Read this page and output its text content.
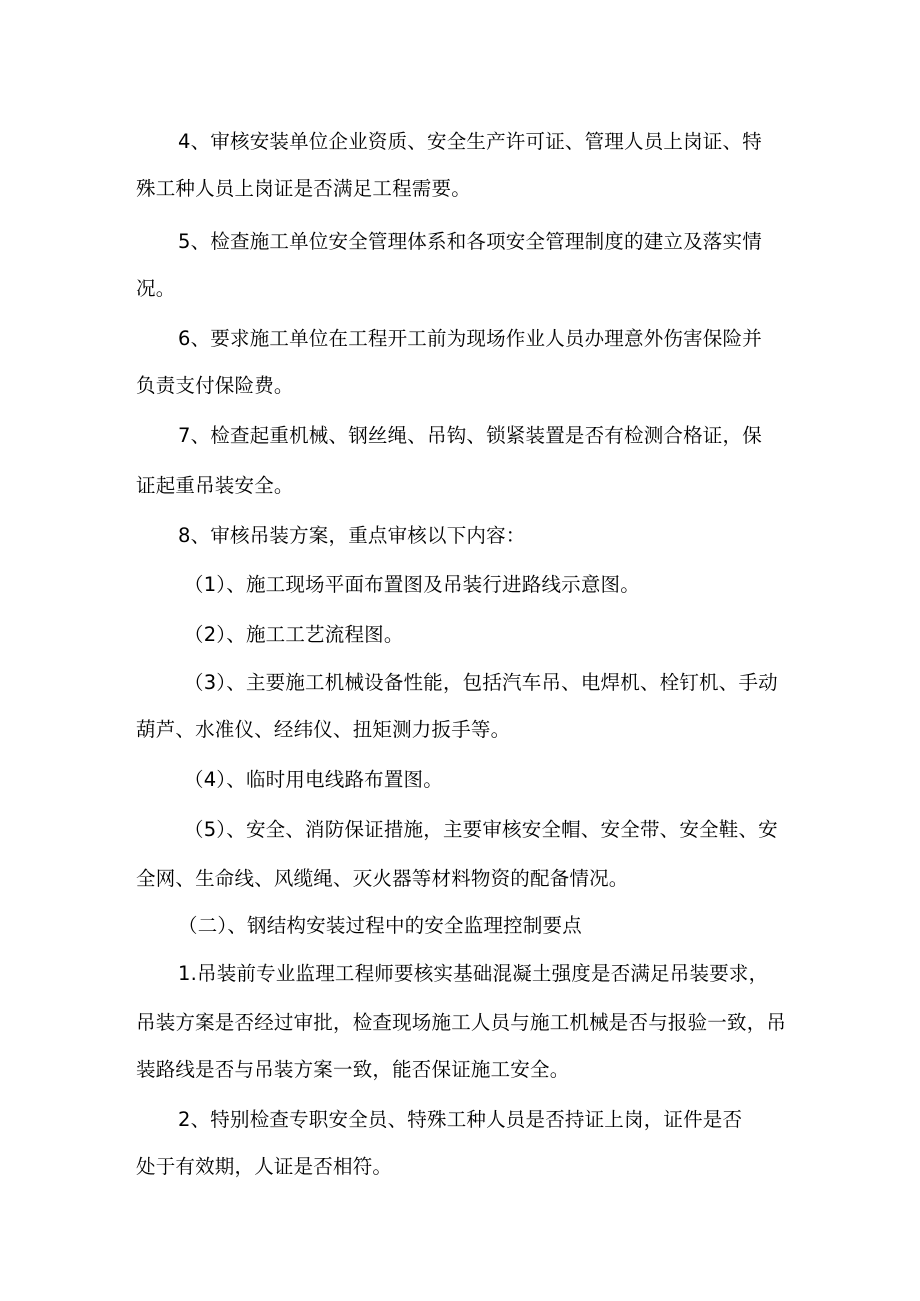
4、审核安装单位企业资质、安全生产许可证、管理人员上岗证、特
殊工种人员上岗证是否满足工程需要。
5、检查施工单位安全管理体系和各项安全管理制度的建立及落实情
况。
6、要求施工单位在工程开工前为现场作业人员办理意外伤害保险并
负责支付保险费。
7、检查起重机械、钢丝绳、吊钩、锁紧装置是否有检测合格证，保
证起重吊装安全。
8、审核吊装方案，重点审核以下内容：
（1）、施工现场平面布置图及吊装行进路线示意图。
（2）、施工工艺流程图。
（3）、主要施工机械设备性能，包括汽车吊、电焊机、栓钉机、手动
葫芦、水准仪、经纬仪、扭矩测力扳手等。
（4）、临时用电线路布置图。
（5）、安全、消防保证措施，主要审核安全帽、安全带、安全鞋、安
全网、生命线、风缆绳、灭火器等材料物资的配备情况。
（二）、钢结构安装过程中的安全监理控制要点
1.吊装前专业监理工程师要核实基础混凝土强度是否满足吊装要求，
吊装方案是否经过审批，检查现场施工人员与施工机械是否与报验一致，吊
装路线是否与吊装方案一致，能否保证施工安全。
2、特别检查专职安全员、特殊工种人员是否持证上岗，证件是否
处于有效期，人证是否相符。
